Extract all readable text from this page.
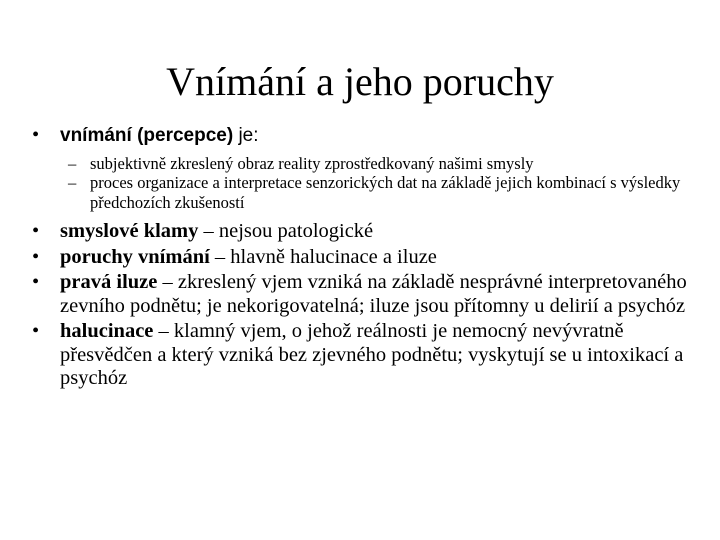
Vnímání a jeho poruchy

• vnímání (percepce) je:

– subjektivně zkreslený obraz reality zprostředkovaný našimi smysly

– proces organizace a interpretace senzorických dat na základě jejich kombinací s výsledky předchozích zkušeností

• smyslové klamy – nejsou patologické

• poruchy vnímání – hlavně halucinace a iluze

• pravá iluze – zkreslený vjem vzniká na základě nesprávné interpretovaného zevního podnětu; je nekorigovatelná; iluze jsou přítomny u delirií a psychóz

• halucinace – klamný vjem, o jehož reálnosti je nemocný nevývratně přesvědčen a který vzniká bez zjevného podnětu; vyskytují se u intoxikací a psychóz
